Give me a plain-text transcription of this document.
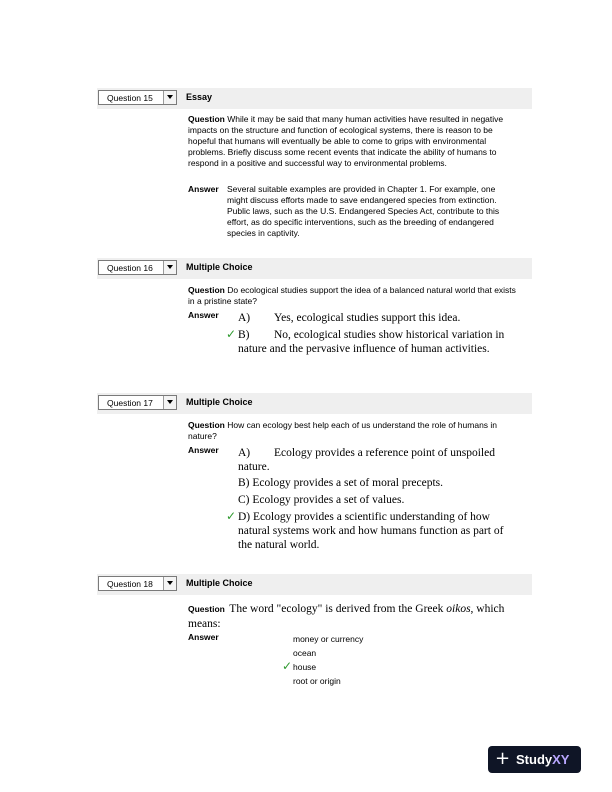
Question 15	Essay
Question While it may be said that many human activities have resulted in negative impacts on the structure and function of ecological systems, there is reason to be hopeful that humans will eventually be able to come to grips with environmental problems. Briefly discuss some recent events that indicate the ability of humans to respond in a positive and successful way to environmental problems.
Answer Several suitable examples are provided in Chapter 1. For example, one might discuss efforts made to save endangered species from extinction. Public laws, such as the U.S. Endangered Species Act, contribute to this effort, as do specific interventions, such as the breeding of endangered species in captivity.
Question 16	Multiple Choice
Question Do ecological studies support the idea of a balanced natural world that exists in a pristine state?
Answer A) Yes, ecological studies support this idea.
✓ B) No, ecological studies show historical variation in nature and the pervasive influence of human activities.
Question 17	Multiple Choice
Question How can ecology best help each of us understand the role of humans in nature?
Answer A) Ecology provides a reference point of unspoiled nature.
B) Ecology provides a set of moral precepts.
C) Ecology provides a set of values.
✓ D) Ecology provides a scientific understanding of how natural systems work and how humans function as part of the natural world.
Question 18	Multiple Choice
Question The word "ecology" is derived from the Greek oikos, which means:
Answer	money or currency
ocean
✓ house
root or origin
+ StudyXY
